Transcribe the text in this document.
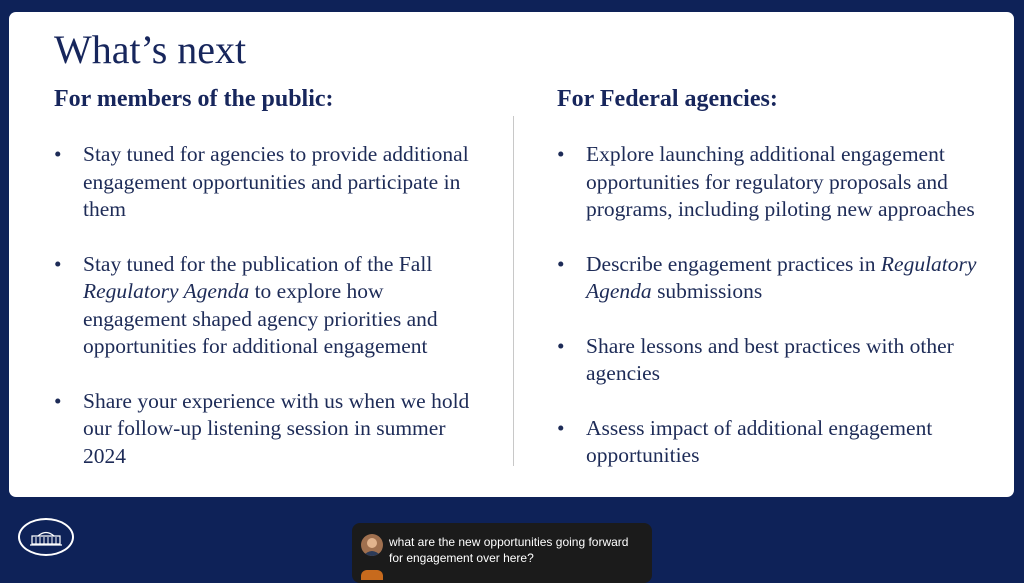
What’s next
For members of the public:	For Federal agencies:
• Stay tuned for agencies to provide additional engagement opportunities and participate in them
• Stay tuned for the publication of the Fall Regulatory Agenda to explore how engagement shaped agency priorities and opportunities for additional engagement
• Share your experience with us when we hold our follow-up listening session in summer 2024
• Explore launching additional engagement opportunities for regulatory proposals and programs, including piloting new approaches
• Describe engagement practices in Regulatory Agenda submissions
• Share lessons and best practices with other agencies
• Assess impact of additional engagement opportunities
what are the new opportunities going forward for engagement over here?
